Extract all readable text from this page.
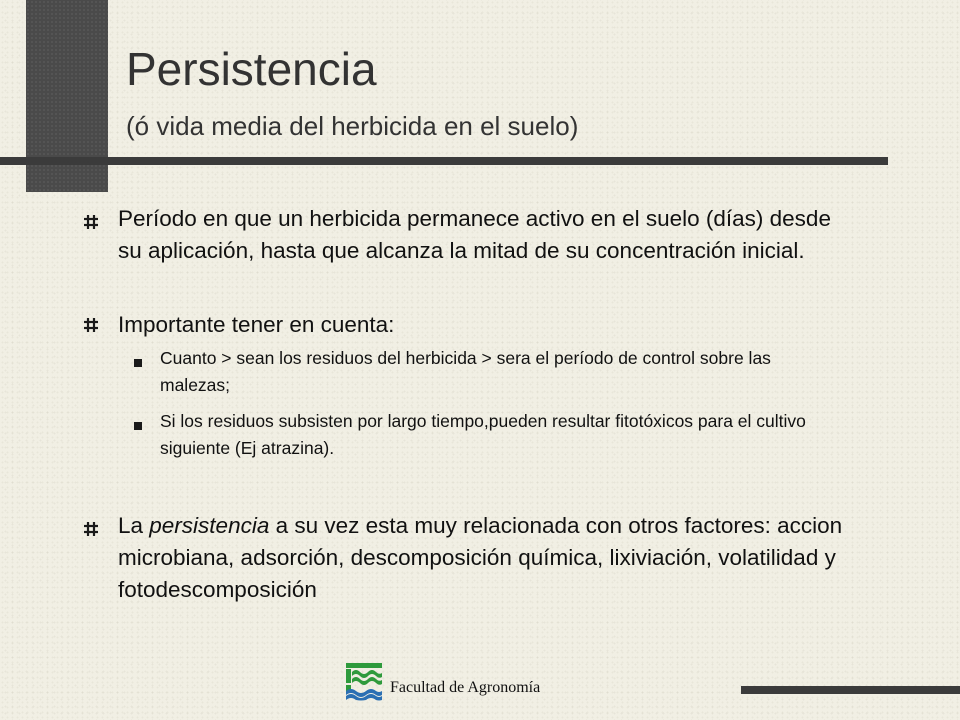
Persistencia
(ó vida media del herbicida en el suelo)
Período en que un herbicida permanece activo en el suelo (días) desde su aplicación, hasta que alcanza la mitad de su concentración inicial.
Importante tener en cuenta:
Cuanto > sean los residuos del herbicida > sera el período de control sobre las malezas;
Si los residuos subsisten por largo tiempo,pueden resultar fitotóxicos para el cultivo siguiente (Ej atrazina).
La persistencia a su vez esta muy relacionada con otros factores: accion microbiana, adsorción, descomposición química, lixiviación, volatilidad y fotodescomposición
Facultad de Agronomía
